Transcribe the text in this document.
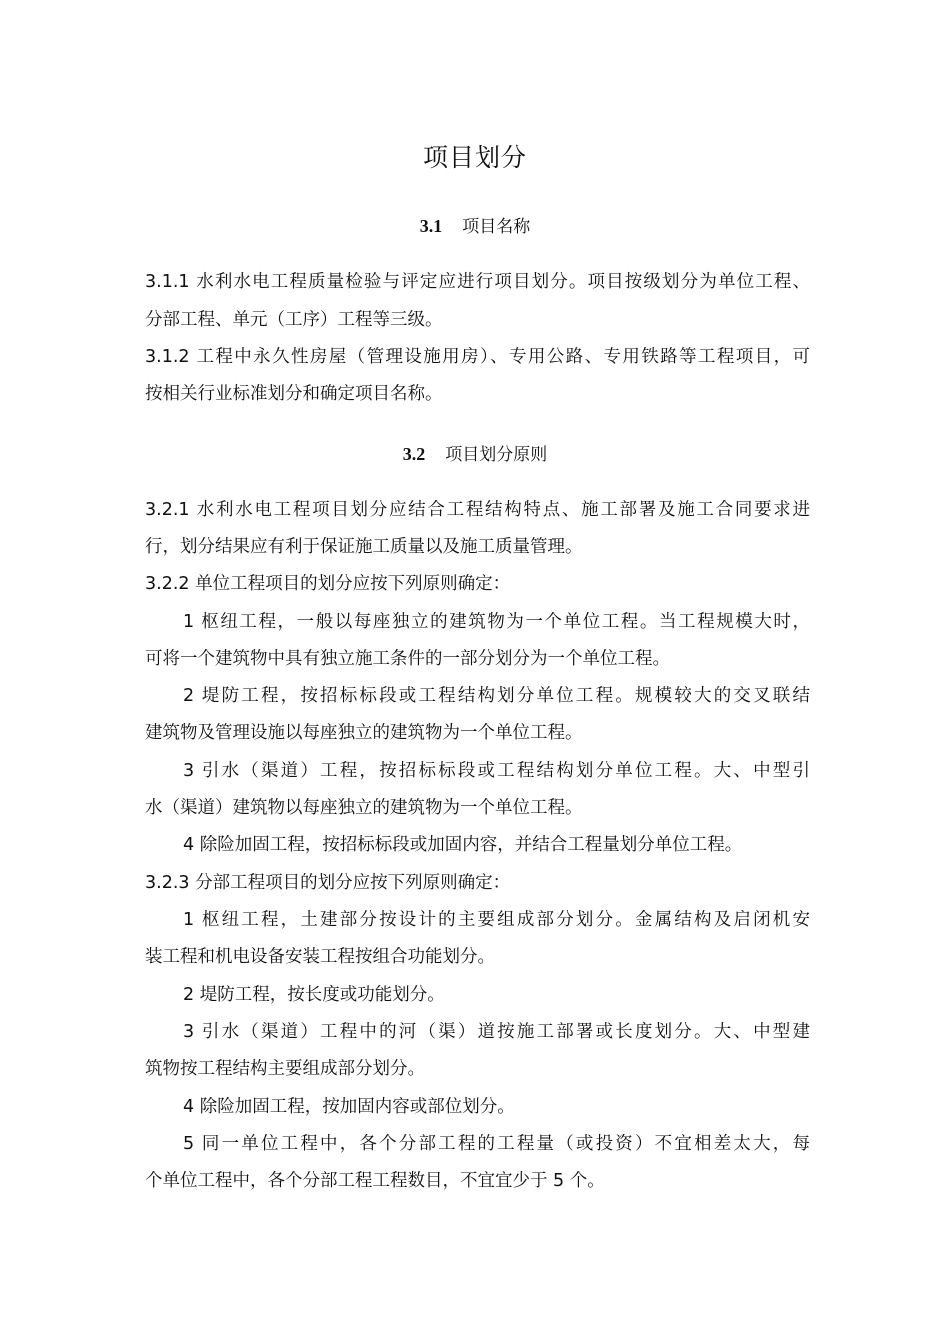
项目划分
3.1 项目名称
3.1.1 水利水电工程质量检验与评定应进行项目划分。项目按级划分为单位工程、
分部工程、单元（工序）工程等三级。
3.1.2 工程中永久性房屋（管理设施用房）、专用公路、专用铁路等工程项目，可
按相关行业标准划分和确定项目名称。
3.2 项目划分原则
3.2.1 水利水电工程项目划分应结合工程结构特点、施工部署及施工合同要求进
行，划分结果应有利于保证施工质量以及施工质量管理。
3.2.2 单位工程项目的划分应按下列原则确定：
1 枢纽工程，一般以每座独立的建筑物为一个单位工程。当工程规模大时，
可将一个建筑物中具有独立施工条件的一部分划分为一个单位工程。
2 堤防工程，按招标标段或工程结构划分单位工程。规模较大的交叉联结
建筑物及管理设施以每座独立的建筑物为一个单位工程。
3 引水（渠道）工程，按招标标段或工程结构划分单位工程。大、中型引
水（渠道）建筑物以每座独立的建筑物为一个单位工程。
4 除险加固工程，按招标标段或加固内容，并结合工程量划分单位工程。
3.2.3 分部工程项目的划分应按下列原则确定：
1 枢纽工程，土建部分按设计的主要组成部分划分。金属结构及启闭机安
装工程和机电设备安装工程按组合功能划分。
2 堤防工程，按长度或功能划分。
3 引水（渠道）工程中的河（渠）道按施工部署或长度划分。大、中型建
筑物按工程结构主要组成部分划分。
4 除险加固工程，按加固内容或部位划分。
5 同一单位工程中，各个分部工程的工程量（或投资）不宜相差太大，每
个单位工程中，各个分部工程工程数目，不宜宜少于 5 个。
